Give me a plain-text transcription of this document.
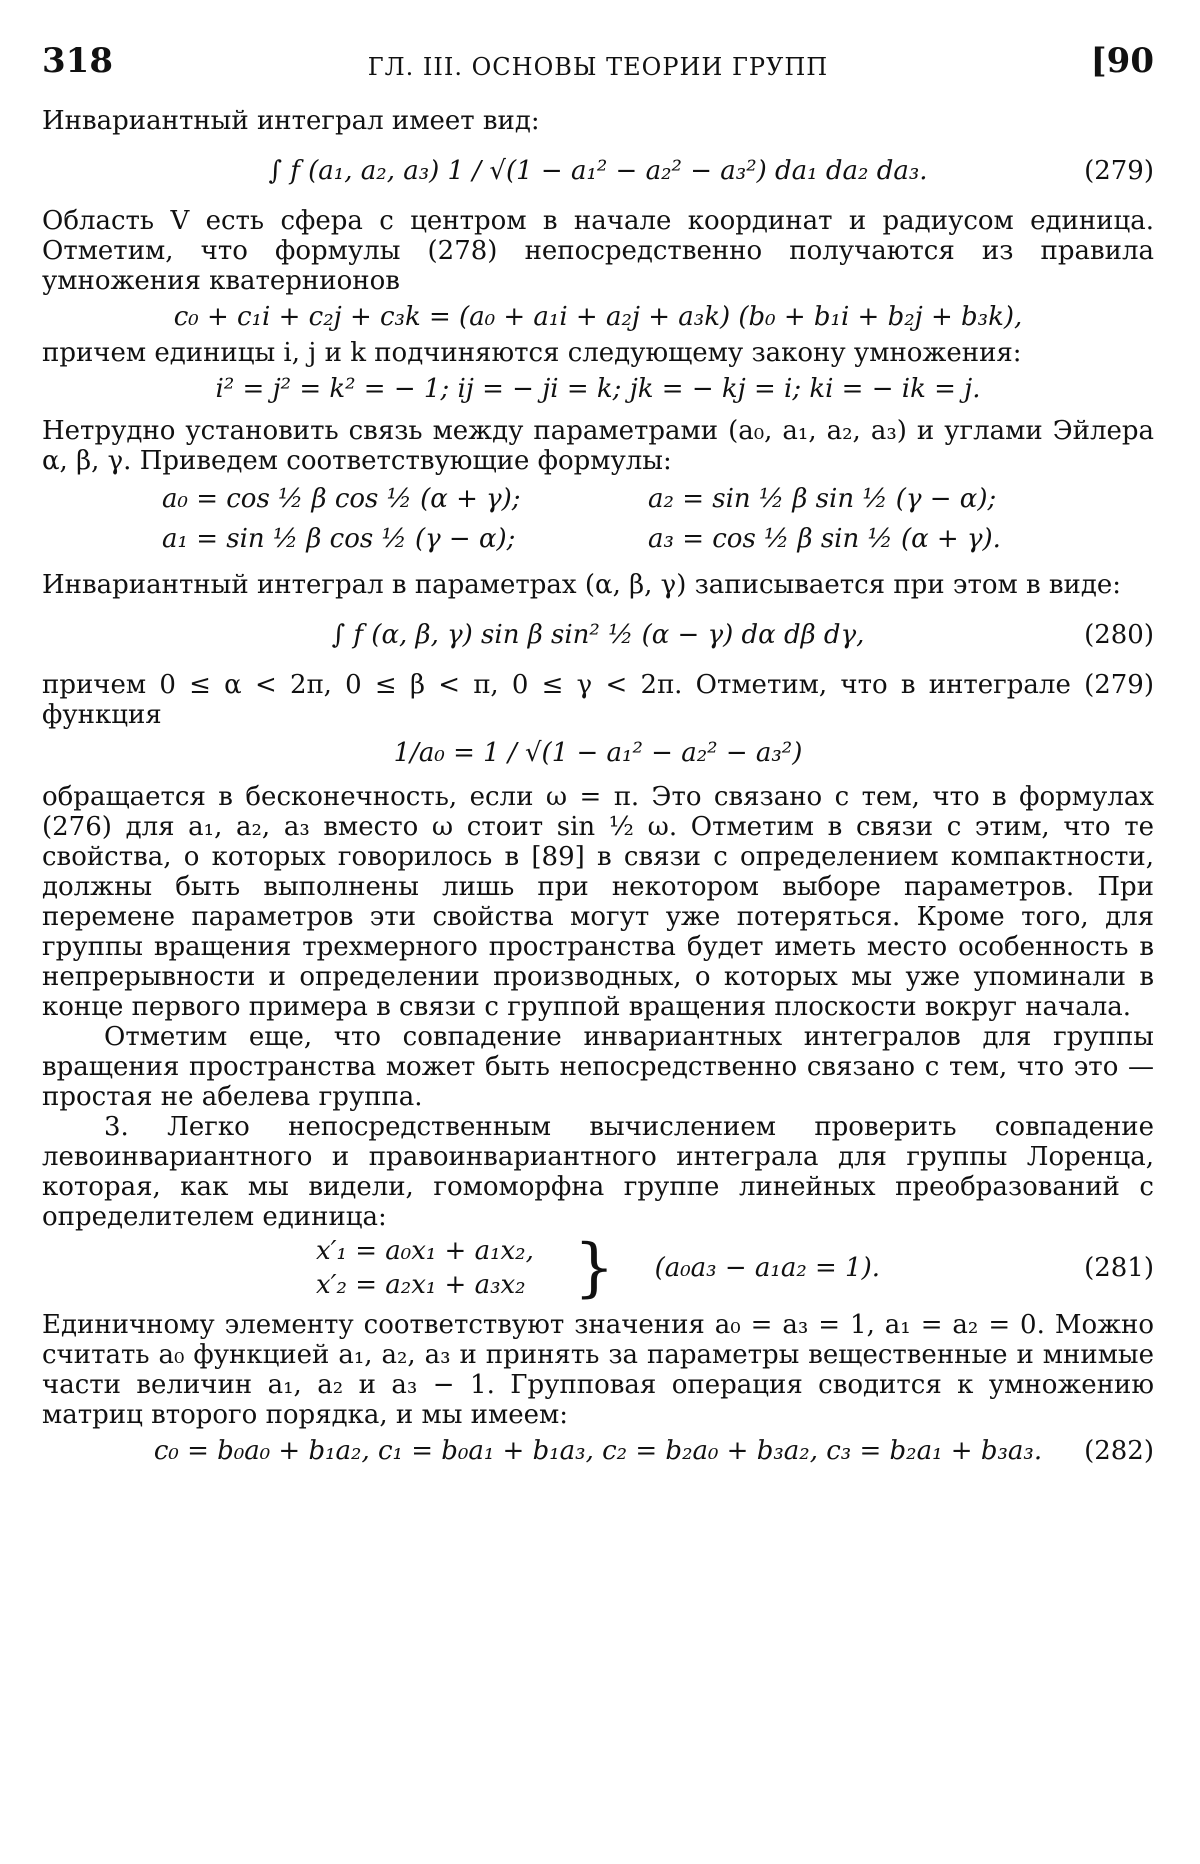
318	ГЛ. III. ОСНОВЫ ТЕОРИИ ГРУПП	[90

Инвариантный интеграл имеет вид:

∫ f (a₁, a₂, a₃) 1 / √(1 − a₁² − a₂² − a₃²) da₁ da₂ da₃.	(279)

Область V есть сфера с центром в начале координат и радиусом единица. Отметим, что формулы (278) непосредственно получаются из правила умножения кватернионов

c₀ + c₁i + c₂j + c₃k = (a₀ + a₁i + a₂j + a₃k) (b₀ + b₁i + b₂j + b₃k),

причем единицы i, j и k подчиняются следующему закону умножения:

i² = j² = k² = − 1; ij = − ji = k; jk = − kj = i; ki = − ik = j.

Нетрудно установить связь между параметрами (a₀, a₁, a₂, a₃) и углами Эйлера α, β, γ. Приведем соответствующие формулы:

a₀ = cos ½ β cos ½ (α + γ);	a₂ = sin ½ β sin ½ (γ − α);
a₁ = sin ½ β cos ½ (γ − α);	a₃ = cos ½ β sin ½ (α + γ).

Инвариантный интеграл в параметрах (α, β, γ) записывается при этом в виде:

∫ f (α, β, γ) sin β sin² ½ (α − γ) dα dβ dγ,	(280)

причем 0 ≤ α < 2π, 0 ≤ β < π, 0 ≤ γ < 2π. Отметим, что в интеграле (279) функция

1/a₀ = 1 / √(1 − a₁² − a₂² − a₃²)

обращается в бесконечность, если ω = π. Это связано с тем, что в формулах (276) для a₁, a₂, a₃ вместо ω стоит sin ½ ω. Отметим в связи с этим, что те свойства, о которых говорилось в [89] в связи с определением компактности, должны быть выполнены лишь при некотором выборе параметров. При перемене параметров эти свойства могут уже потеряться. Кроме того, для группы вращения трехмерного пространства будет иметь место особенность в непрерывности и определении производных, о которых мы уже упоминали в конце первого примера в связи с группой вращения плоскости вокруг начала.

Отметим еще, что совпадение инвариантных интегралов для группы вращения пространства может быть непосредственно связано с тем, что это — простая не абелева группа.

3. Легко непосредственным вычислением проверить совпадение левоинвариантного и правоинвариантного интеграла для группы Лоренца, которая, как мы видели, гомоморфна группе линейных преобразований с определителем единица:

x′₁ = a₀x₁ + a₁x₂,
x′₂ = a₂x₁ + a₃x₂ } (a₀a₃ − a₁a₂ = 1).	(281)

Единичному элементу соответствуют значения a₀ = a₃ = 1, a₁ = a₂ = 0. Можно считать a₀ функцией a₁, a₂, a₃ и принять за параметры вещественные и мнимые части величин a₁, a₂ и a₃ − 1. Групповая операция сводится к умножению матриц второго порядка, и мы имеем:

c₀ = b₀a₀ + b₁a₂, c₁ = b₀a₁ + b₁a₃, c₂ = b₂a₀ + b₃a₂, c₃ = b₂a₁ + b₃a₃.	(282)
